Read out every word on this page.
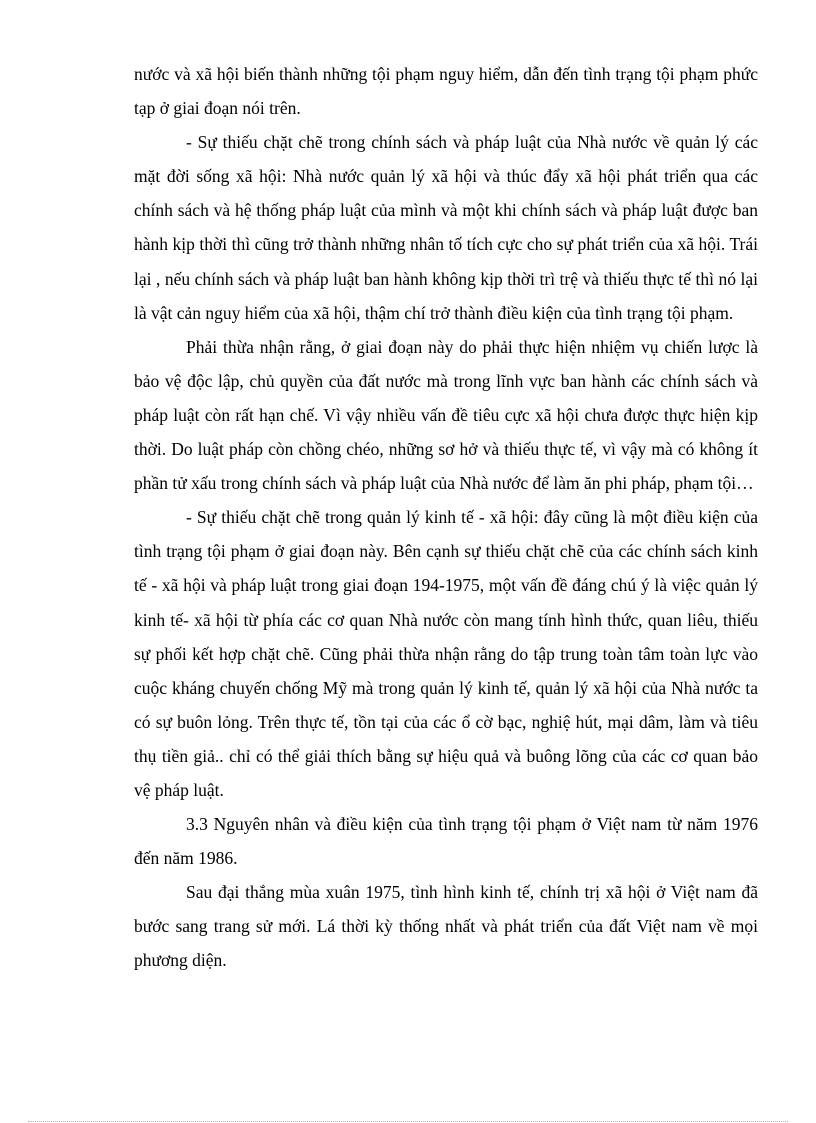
nước và xã hội biến thành những tội phạm nguy hiểm, dẫn đến tình trạng tội phạm phức tạp ở giai đoạn nói trên.

- Sự thiếu chặt chẽ trong chính sách và pháp luật của Nhà nước về quản lý các mặt đời sống xã hội: Nhà nước quản lý xã hội và thúc đẩy xã hội phát triển qua các chính sách và hệ thống pháp luật của mình và một khi chính sách và pháp luật được ban hành kịp thời thì cũng trở thành những nhân tố tích cực cho sự phát triển của xã hội. Trái lại , nếu chính sách và pháp luật ban hành không kịp thời trì trệ và thiếu thực tế thì nó lại là vật cản nguy hiểm của xã hội, thậm chí trở thành điều kiện của tình trạng tội phạm.

Phải thừa nhận rằng, ở giai đoạn này do phải thực hiện nhiệm vụ chiến lược là bảo vệ độc lập, chủ quyền của đất nước mà trong lĩnh vực ban hành các chính sách và pháp luật còn rất hạn chế. Vì vậy nhiều vấn đề tiêu cực xã hội chưa được thực hiện kịp thời. Do luật pháp còn chồng chéo, những sơ hở và thiếu thực tế, vì vậy mà có không ít phần tử xấu trong chính sách và pháp luật của Nhà nước để làm ăn phi pháp, phạm tội…

- Sự thiếu chặt chẽ trong quản lý kinh tế - xã hội: đây cũng là một điều kiện của tình trạng tội phạm ở giai đoạn này. Bên cạnh sự thiếu chặt chẽ của các chính sách kinh tế - xã hội và pháp luật trong giai đoạn 194-1975, một vấn đề đáng chú ý là việc quản lý kinh tế- xã hội từ phía các cơ quan Nhà nước còn mang tính hình thức, quan liêu, thiếu sự phối kết hợp chặt chẽ. Cũng phải thừa nhận rằng do tập trung toàn tâm toàn lực vào cuộc kháng chuyến chống Mỹ mà trong quản lý kinh tế, quản lý xã hội của Nhà nước ta có sự buôn lỏng. Trên thực tế, tồn tại của các ổ cờ bạc, nghiệ hút, mại dâm, làm và tiêu thụ tiền giả.. chỉ có thể giải thích bằng sự hiệu quả và buông lõng của các cơ quan bảo vệ pháp luật.

3.3 Nguyên nhân và điều kiện của tình trạng tội phạm ở Việt nam từ năm 1976 đến năm 1986.

Sau đại thắng mùa xuân 1975, tình hình kinh tế, chính trị xã hội ở Việt nam đã bước sang trang sử mới. Lá thời kỳ thống nhất và phát triển của đất Việt nam về mọi phương diện.
